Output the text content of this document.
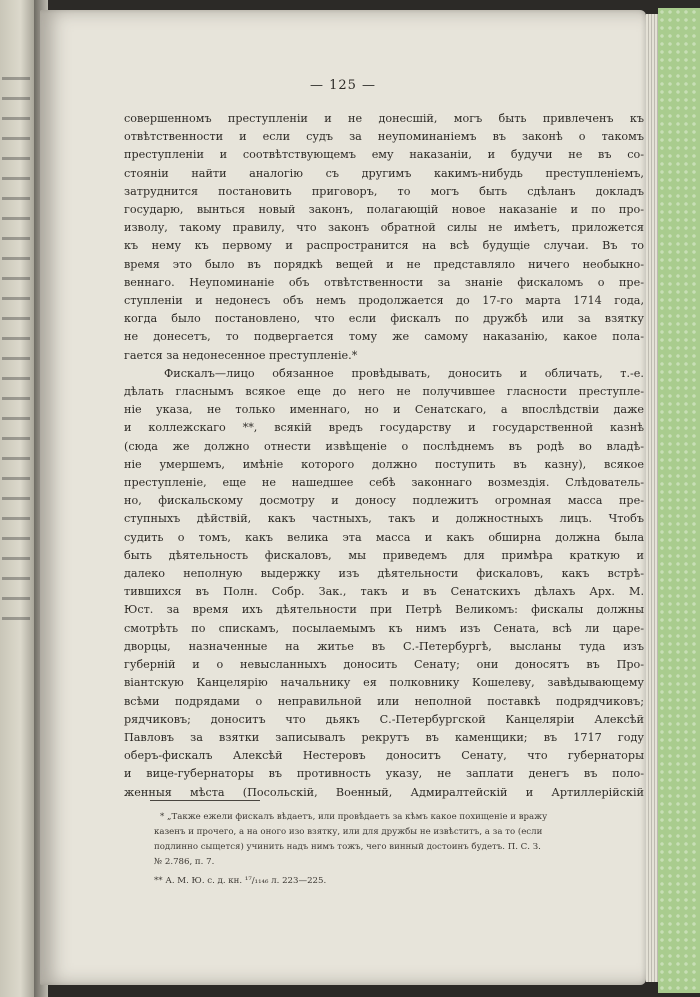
— 125 —

совершенномъ преступленіи и не донесшій, могъ быть привлеченъ къ

отвѣтственности и если судъ за неупоминаніемъ въ законѣ о такомъ

преступленіи и соотвѣтствующемъ ему наказаніи, и будучи не въ со-

стояніи найти аналогію съ другимъ какимъ-нибудь преступленіемъ,

затруднится постановить приговоръ, то могъ быть сдѣланъ докладъ

государю, вынться новый законъ, полагающій новое наказаніе и по про-

изволу, такому правилу, что законъ обратной силы не имѣетъ, приложется

къ нему къ первому и распространится на всѣ будущіе случаи. Въ то

время это было въ порядкѣ вещей и не представляло ничего необыкно-

веннаго. Неупоминаніе объ отвѣтственности за знаніе фискаломъ о пре-

ступленіи и недонесъ объ немъ продолжается до 17-го марта 1714 года,

когда было постановлено, что если фискалъ по дружбѣ или за взятку

не донесетъ, то подвергается тому же самому наказанію, какое пола-

гается за недонесенное преступленіе.*

Фискалъ—лицо обязанное провѣдывать, доносить и обличать, т.-е.

дѣлать гласнымъ всякое еще до него не получившее гласности преступле-

ніе указа, не только именнаго, но и Сенатскаго, а впослѣдствіи даже

и коллежскаго **, всякій вредъ государству и государственной казнѣ

(сюда же должно отнести извѣщеніе о послѣднемъ въ родѣ во владѣ-

ніе умершемъ, имѣніе которого должно поступить въ казну), всякое

преступленіе, еще не нашедшее себѣ законнаго возмездія. Слѣдователь-

но, фискальскому досмотру и доносу подлежитъ огромная масса пре-

ступныхъ дѣйствій, какъ частныхъ, такъ и должностныхъ лицъ. Чтобъ

судить о томъ, какъ велика эта масса и какъ обширна должна была

быть дѣятельность фискаловъ, мы приведемъ для примѣра краткую и

далеко неполную выдержку изъ дѣятельности фискаловъ, какъ встрѣ-

тившихся въ Полн. Собр. Зак., такъ и въ Сенатскихъ дѣлахъ Арх. М.

Юст. за время ихъ дѣятельности при Петрѣ Великомъ: фискалы должны

смотрѣть по спискамъ, посылаемымъ къ нимъ изъ Сената, всѣ ли царе-

дворцы, назначенные на житье въ С.-Петербургѣ, высланы туда изъ

губерній и о невысланныхъ доносить Сенату; они доносятъ въ Про-

віантскую Канцелярію начальнику ея полковнику Кошелеву, завѣдывающему

всѣми подрядами о неправильной или неполной поставкѣ подрядчиковъ;

рядчиковъ; доноситъ что дьякъ С.-Петербургской Канцеляріи Алексѣй

Павловъ за взятки записывалъ рекрутъ въ каменщики; въ 1717 году

оберъ-фискалъ Алексѣй Нестеровъ доноситъ Сенату, что губернаторы

и вице-губернаторы въ противность указу, не заплати денегъ въ поло-

женныя мѣста (Посольскій, Военный, Адмиралтейскій и Артиллерійскій

* „Также ежели фискалъ вѣдаетъ, или провѣдаетъ за кѣмъ какое похищеніе и вражу

казенъ и прочего, а на оного изо взятку, или для дружбы не извѣститъ, а за то (если

подлинно сыщется) учинить надъ нимъ тожъ, чего винный достоинъ будетъ. П. С. З.

№ 2.786, п. 7.

** А. М. Ю. с. д. кн. ¹⁷/₁₁₄₆ л. 223—225.
